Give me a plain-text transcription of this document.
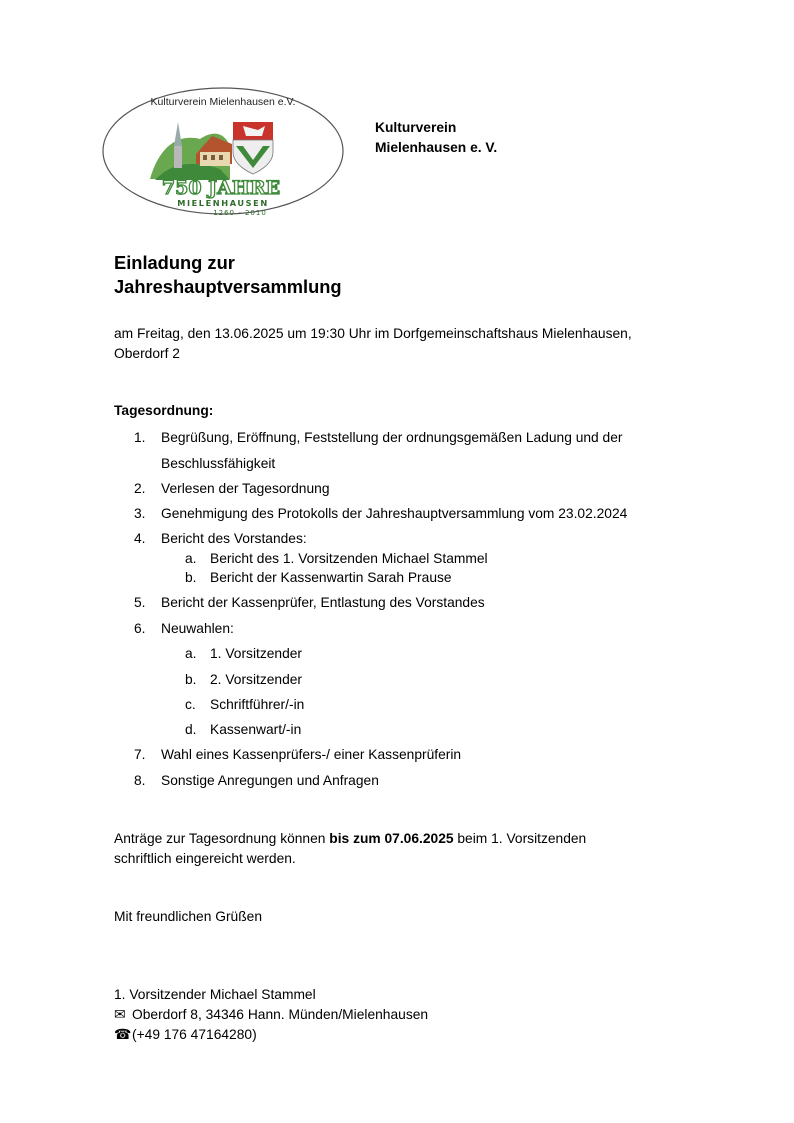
Kulturverein Mielenhausen e.V.
750 JAHRE
MIELENHAUSEN
1260 - 2010
Kulturverein
Mielenhausen e. V.
Einladung zur
Jahreshauptversammlung

am Freitag, den 13.06.2025 um 19:30 Uhr im Dorfgemeinschaftshaus Mielenhausen, Oberdorf 2

Tagesordnung:

1. Begrüßung, Eröffnung, Feststellung der ordnungsgemäßen Ladung und der
Beschlussfähigkeit
2. Verlesen der Tagesordnung
3. Genehmigung des Protokolls der Jahreshauptversammlung vom 23.02.2024
4. Bericht des Vorstandes:
a. Bericht des 1. Vorsitzenden Michael Stammel
b. Bericht der Kassenwartin Sarah Prause
5. Bericht der Kassenprüfer, Entlastung des Vorstandes
6. Neuwahlen:
a. 1. Vorsitzender
b. 2. Vorsitzender
c. Schriftführer/-in
d. Kassenwart/-in
7. Wahl eines Kassenprüfers-/ einer Kassenprüferin
8. Sonstige Anregungen und Anfragen

Anträge zur Tagesordnung können bis zum 07.06.2025 beim 1. Vorsitzenden schriftlich eingereicht werden.

Mit freundlichen Grüßen

1. Vorsitzender Michael Stammel
✉ Oberdorf 8, 34346 Hann. Münden/Mielenhausen
☎(+49 176 47164280)
